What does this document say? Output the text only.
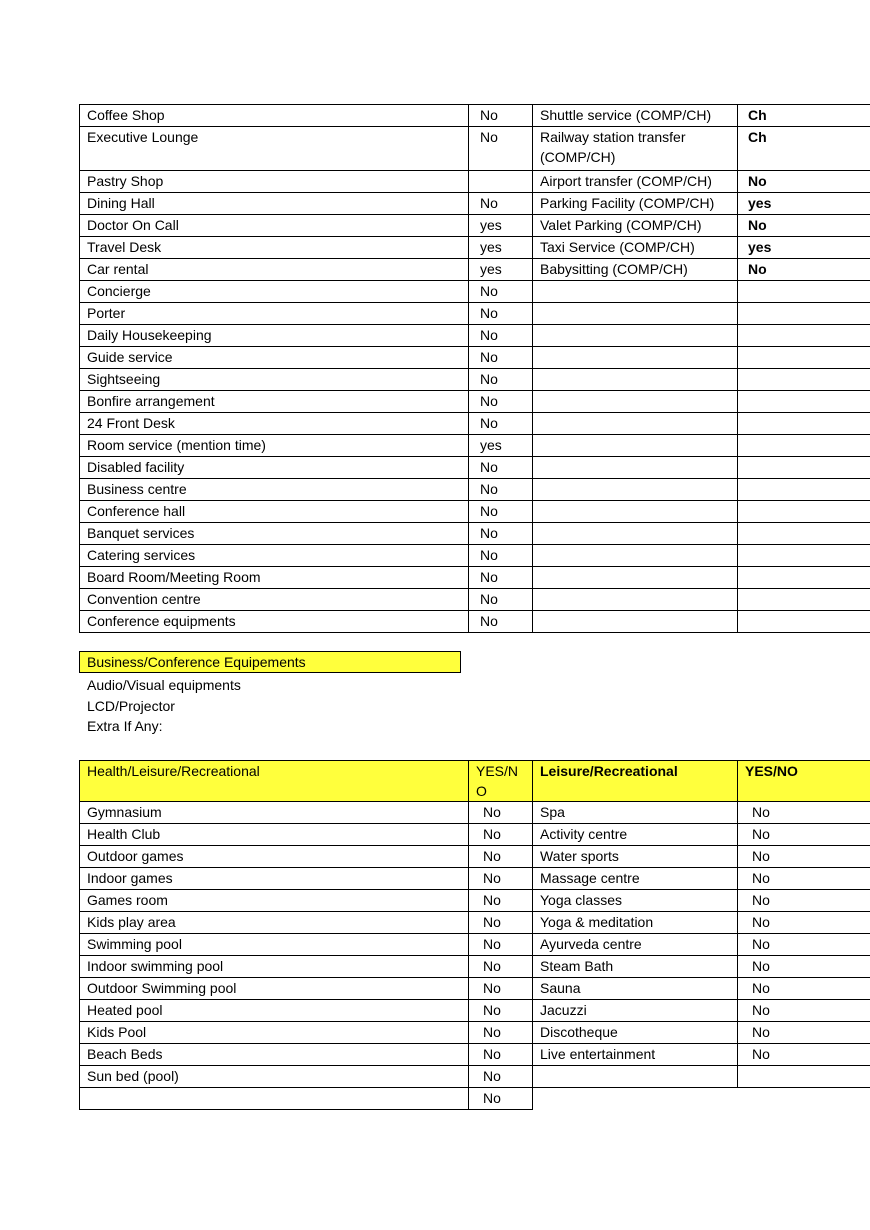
Coffee Shop	No	Shuttle service (COMP/CH)	Ch
Executive Lounge	No	Railway station transfer (COMP/CH)	Ch
Pastry Shop		Airport transfer (COMP/CH)	No
Dining Hall	No	Parking Facility (COMP/CH)	yes
Doctor On Call	yes	Valet Parking (COMP/CH)	No
Travel Desk	yes	Taxi Service (COMP/CH)	yes
Car rental	yes	Babysitting (COMP/CH)	No
Concierge	No		
Porter	No		
Daily Housekeeping	No		
Guide service	No		
Sightseeing	No		
Bonfire arrangement	No		
24 Front Desk	No		
Room service (mention time)	yes		
Disabled facility	No		
Business centre	No		
Conference hall	No		
Banquet services	No		
Catering services	No		
Board Room/Meeting Room	No		
Convention centre	No		
Conference equipments	No		
Business/Conference Equipements
Audio/Visual equipments
LCD/Projector
Extra If Any:
Health/Leisure/Recreational	YES/NO	Leisure/Recreational	YES/NO
Gymnasium	No	Spa	No
Health Club	No	Activity centre	No
Outdoor games	No	Water sports	No
Indoor games	No	Massage centre	No
Games room	No	Yoga classes	No
Kids play area	No	Yoga & meditation	No
Swimming pool	No	Ayurveda centre	No
Indoor swimming pool	No	Steam Bath	No
Outdoor Swimming pool	No	Sauna	No
Heated pool	No	Jacuzzi	No
Kids Pool	No	Discotheque	No
Beach Beds	No	Live entertainment	No
Sun bed (pool)	No		
	No		
